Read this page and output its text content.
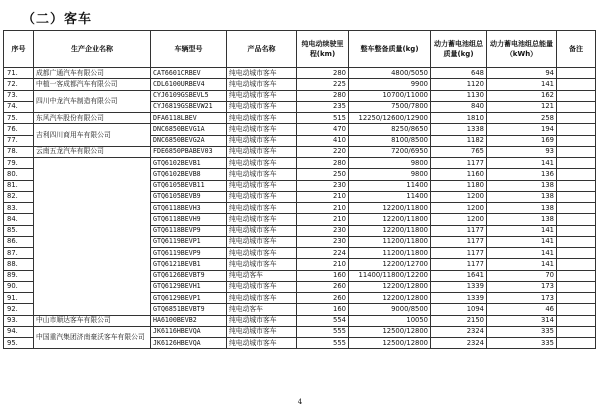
（二）客车
序号	生产企业名称	车辆型号	产品名称	纯电动续驶里程(km)	整车整备质量(kg)	动力蓄电池组总质量(kg)	动力蓄电池组总能量（kWh）	备注
71.	成都广通汽车有限公司	CAT6601CRBEV	纯电动城市客车	280	4800/5050	648	94	
72.	中植一客成都汽车有限公司	CDL6100URBEV4	纯电动城市客车	225	9900	1120	141	
73.	四川中龙汽车制造有限公司	CYJ6109GSBEVL5	纯电动城市客车	280	10700/11000	1130	162	
74.		CYJ6819GSBEVW21	纯电动城市客车	235	7500/7800	840	121	
75.	东风汽车股份有限公司	DFA6118LBEV	纯电动城市客车	515	12250/12600/12900	1810	258	
76.	吉利四川商用车有限公司	DNC6850BEVG1A	纯电动城市客车	470	8250/8650	1338	194	
77.		DNC6850BEVG2A	纯电动城市客车	410	8100/8500	1182	169	
78.	云南五龙汽车有限公司	FDE6850PBABEV03	纯电动城市客车	220	7200/6950	765	93	
79.		GTQ6102BEVB1	纯电动城市客车	280	9800	1177	141	
80.		GTQ6102BEVB8	纯电动城市客车	250	9800	1160	136	
81.		GTQ6105BEVB11	纯电动城市客车	230	11400	1180	138	
82.		GTQ6105BEVB9	纯电动城市客车	210	11400	1200	138	
83.		GTQ6118BEVH3	纯电动城市客车	210	12200/11800	1200	138	
84.		GTQ6118BEVH9	纯电动城市客车	210	12200/11800	1200	138	
85.		GTQ6118BEVP9	纯电动城市客车	230	12200/11800	1177	141	
86.		GTQ6119BEVP1	纯电动城市客车	230	11200/11800	1177	141	
87.		GTQ6119BEVP9	纯电动城市客车	224	11200/11800	1177	141	
88.		GTQ6121BEVB1	纯电动城市客车	210	12200/12700	1177	141	
89.		GTQ6126BEVBT9	纯电动客车	160	11400/11800/12200	1641	70	
90.		GTQ6129BEVH1	纯电动城市客车	260	12200/12800	1339	173	
91.		GTQ6129BEVP1	纯电动城市客车	260	12200/12800	1339	173	
92.		GTQ6851BEVBT9	纯电动客车	160	9000/8500	1094	46	
93.	中山市顺达客车有限公司	HA6100BEVB2	纯电动城市客车	554	10050	2150	314	
94.	中国重汽集团济南豪沃客车有限公司	JK6116HBEVQA	纯电动城市客车	555	12500/12800	2324	335	
95.		JK6126HBEVQA	纯电动城市客车	555	12500/12800	2324	335	
4
